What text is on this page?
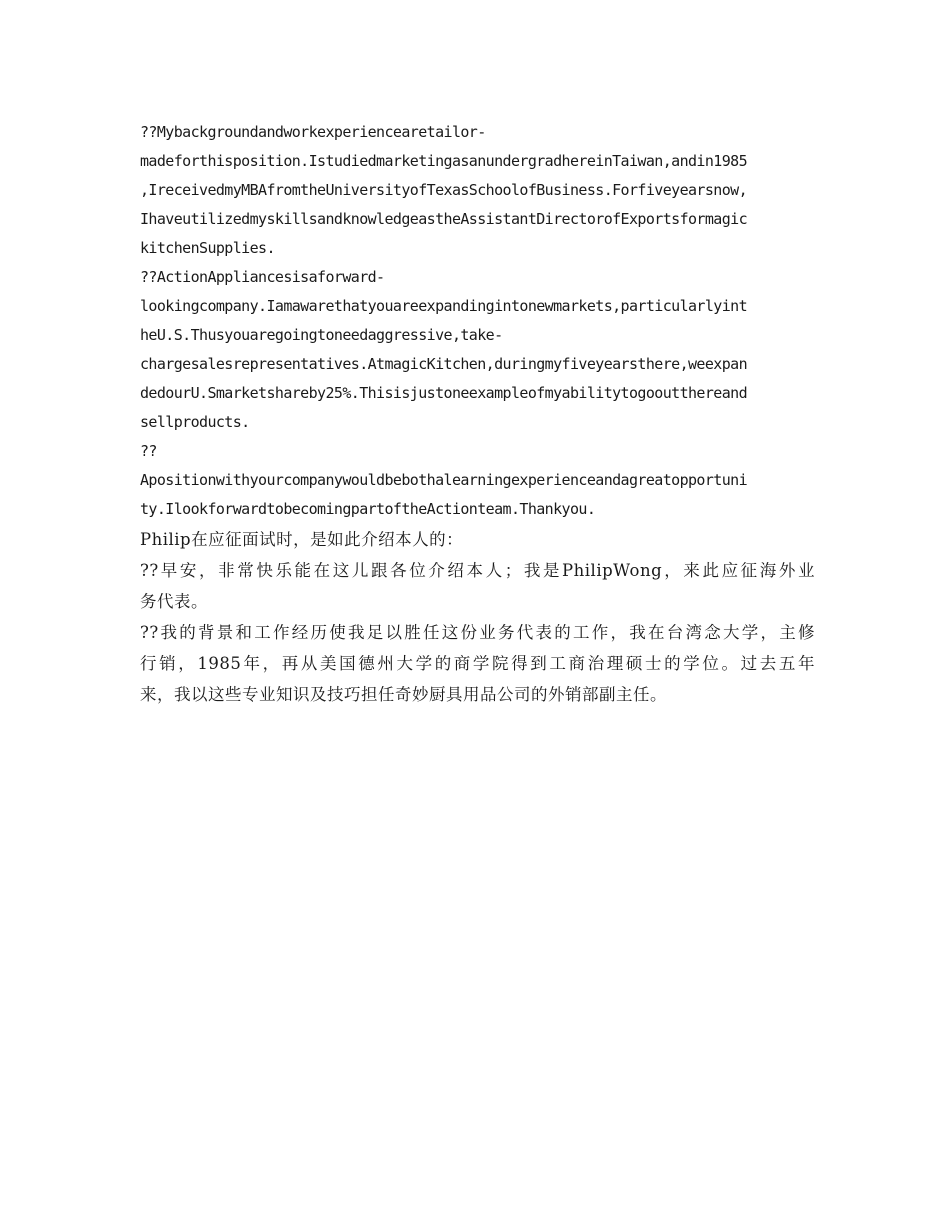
??Mybackgroundandworkexperiencearetailor-
madeforthisposition.IstudiedmarketingasanundergradhereinTaiwan,andin1985
,IreceivedmyMBAfromtheUniversityofTexasSchoolofBusiness.Forfiveyearsnow,
IhaveutilizedmyskillsandknowledgeastheAssistantDirectorofExportsformagic
kitchenSupplies.
??ActionAppliancesisaforward-
lookingcompany.Iamawarethatyouareexpandingintonewmarkets,particularlyint
heU.S.Thusyouaregoingtoneedaggressive,take-
chargesalesrepresentatives.AtmagicKitchen,duringmyfiveyearsthere,weexpan
dedourU.Smarketshareby25%.Thisisjustoneexampleofmyabilitytogooutthereand
sellproducts.
??
Apositionwithyourcompanywouldbebothalearningexperienceandagreatopportuni
ty.IlookforwardtobecomingpartoftheActionteam.Thankyou.
Philip在应征面试时，是如此介绍本人的：
??早安，非常快乐能在这儿跟各位介绍本人；我是PhilipWong，来此应征海外业
务代表。
??我的背景和工作经历使我足以胜任这份业务代表的工作，我在台湾念大学，主修
行销，1985年，再从美国德州大学的商学院得到工商治理硕士的学位。过去五年
来，我以这些专业知识及技巧担任奇妙厨具用品公司的外销部副主任。
